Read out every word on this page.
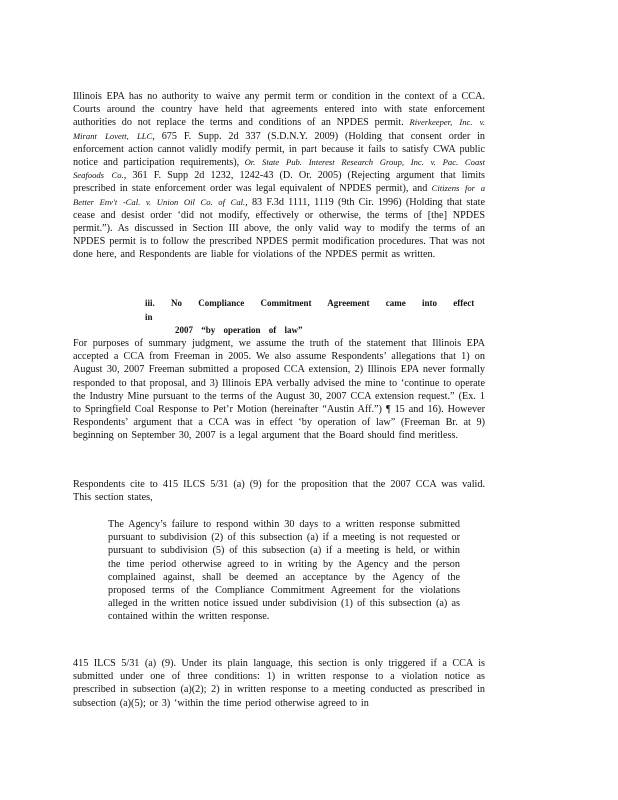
Illinois EPA has no authority to waive any permit term or condition in the context of a CCA. Courts around the country have held that agreements entered into with state enforcement authorities do not replace the terms and conditions of an NPDES permit. Riverkeeper, Inc. v. Mirant Lovett, LLC, 675 F. Supp. 2d 337 (S.D.N.Y. 2009) (Holding that consent order in enforcement action cannot validly modify permit, in part because it fails to satisfy CWA public notice and participation requirements), Or. State Pub. Interest Research Group, Inc. v. Pac. Coast Seafoods Co., 361 F. Supp 2d 1232, 1242-43 (D. Or. 2005) (Rejecting argument that limits prescribed in state enforcement order was legal equivalent of NPDES permit), and Citizens for a Better Env't -Cal. v. Union Oil Co. of Cal., 83 F.3d 1111, 1119 (9th Cir. 1996) (Holding that state cease and desist order ‘did not modify, effectively or otherwise, the terms of [the] NPDES permit.”). As discussed in Section III above, the only valid way to modify the terms of an NPDES permit is to follow the prescribed NPDES permit modification procedures. That was not done here, and Respondents are liable for violations of the NPDES permit as written.
iii. No Compliance Commitment Agreement came into effect in
2007 “by operation of law”
For purposes of summary judgment, we assume the truth of the statement that Illinois EPA accepted a CCA from Freeman in 2005. We also assume Respondents’ allegations that 1) on August 30, 2007 Freeman submitted a proposed CCA extension, 2) Illinois EPA never formally responded to that proposal, and 3) Illinois EPA verbally advised the mine to ‘continue to operate the Industry Mine pursuant to the terms of the August 30, 2007 CCA extension request.” (Ex. 1 to Springfield Coal Response to Pet’r Motion (hereinafter “Austin Aff.”) ¶ 15 and 16). However Respondents’ argument that a CCA was in effect ‘by operation of law” (Freeman Br. at 9) beginning on September 30, 2007 is a legal argument that the Board should find meritless.
Respondents cite to 415 ILCS 5/31 (a) (9) for the proposition that the 2007 CCA was valid. This section states,
The Agency’s failure to respond within 30 days to a written response submitted pursuant to subdivision (2) of this subsection (a) if a meeting is not requested or pursuant to subdivision (5) of this subsection (a) if a meeting is held, or within the time period otherwise agreed to in writing by the Agency and the person complained against, shall be deemed an acceptance by the Agency of the proposed terms of the Compliance Commitment Agreement for the violations alleged in the written notice issued under subdivision (1) of this subsection (a) as contained within the written response.
415 ILCS 5/31 (a) (9). Under its plain language, this section is only triggered if a CCA is submitted under one of three conditions: 1) in written response to a violation notice as prescribed in subsection (a)(2); 2) in written response to a meeting conducted as prescribed in subsection (a)(5); or 3) ‘within the time period otherwise agreed to in
